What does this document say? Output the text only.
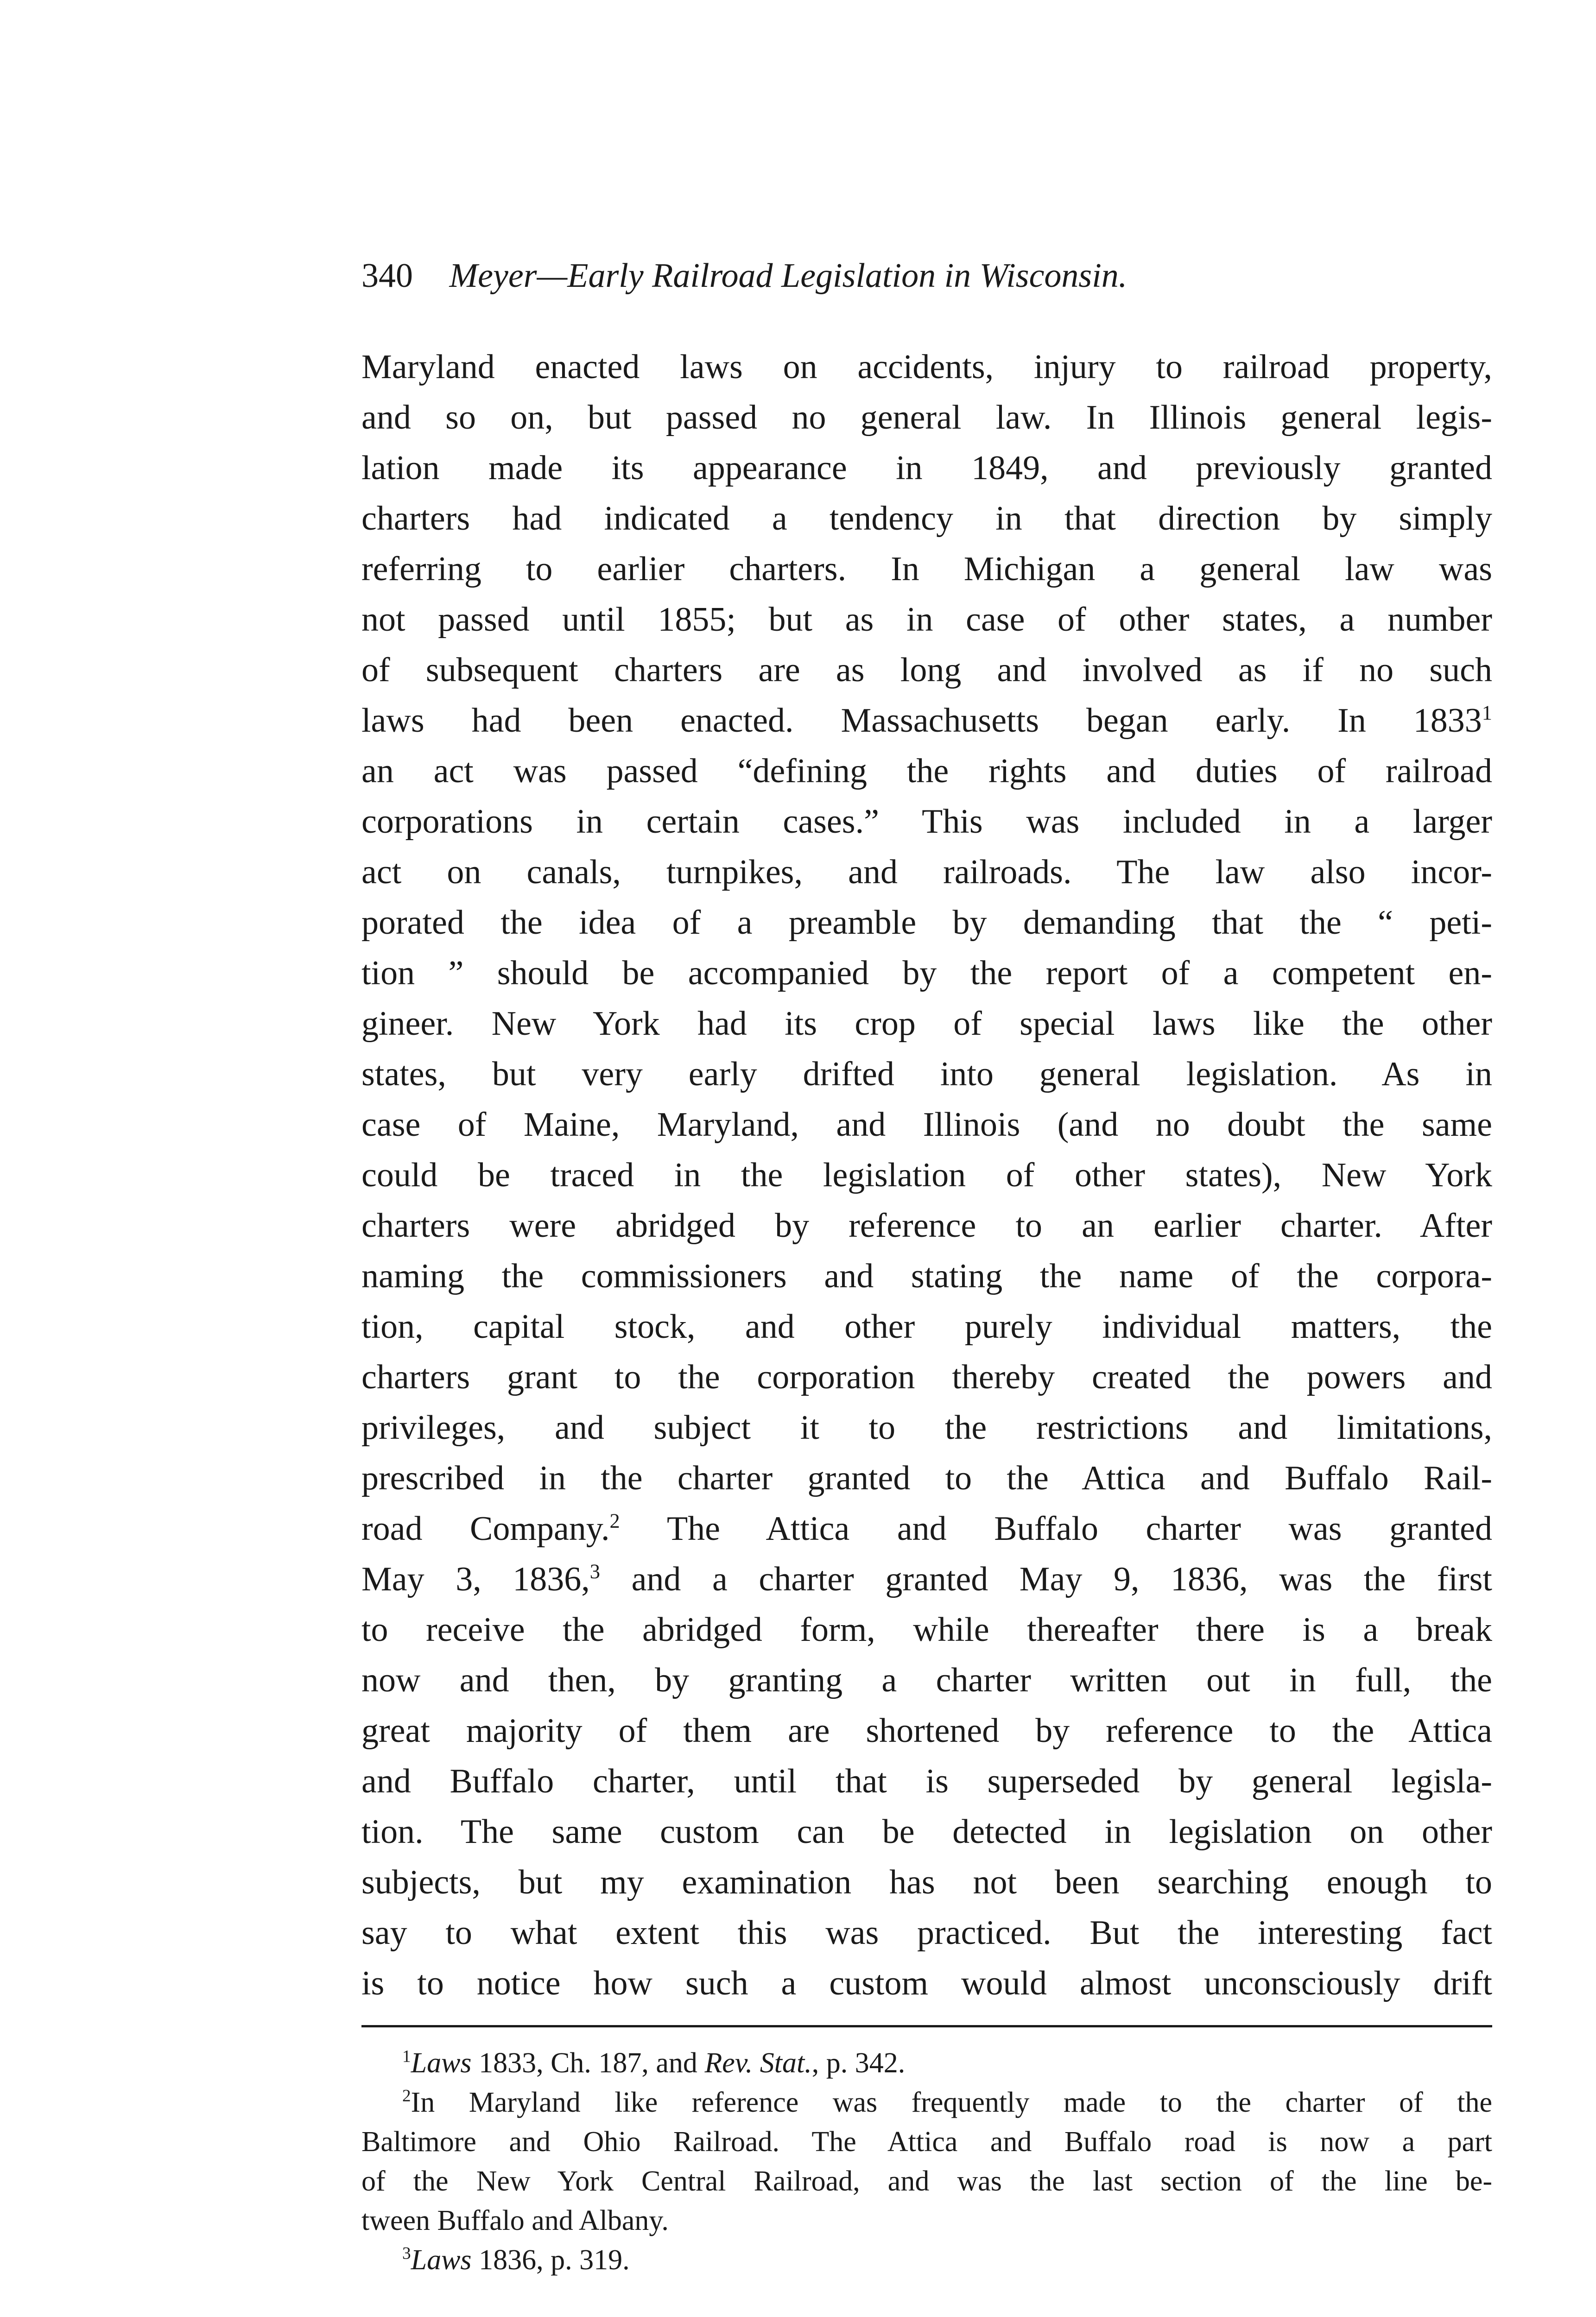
340 Meyer—Early Railroad Legislation in Wisconsin.
Maryland enacted laws on accidents, injury to railroad property,
and so on, but passed no general law. In Illinois general legis-
lation made its appearance in 1849, and previously granted
charters had indicated a tendency in that direction by simply
referring to earlier charters. In Michigan a general law was
not passed until 1855; but as in case of other states, a number
of subsequent charters are as long and involved as if no such
laws had been enacted. Massachusetts began early. In 1833$^1$
an act was passed “defining the rights and duties of railroad
corporations in certain cases.” This was included in a larger
act on canals, turnpikes, and railroads. The law also incor-
porated the idea of a preamble by demanding that the “ peti-
tion ” should be accompanied by the report of a competent en-
gineer. New York had its crop of special laws like the other
states, but very early drifted into general legislation. As in
case of Maine, Maryland, and Illinois (and no doubt the same
could be traced in the legislation of other states), New York
charters were abridged by reference to an earlier charter. After
naming the commissioners and stating the name of the corpora-
tion, capital stock, and other purely individual matters, the
charters grant to the corporation thereby created the powers and
privileges, and subject it to the restrictions and limitations,
prescribed in the charter granted to the Attica and Buffalo Rail-
road Company.$^2$ The Attica and Buffalo charter was granted
May 3, 1836,$^3$ and a charter granted May 9, 1836, was the first
to receive the abridged form, while thereafter there is a break
now and then, by granting a charter written out in full, the
great majority of them are shortened by reference to the Attica
and Buffalo charter, until that is superseded by general legisla-
tion. The same custom can be detected in legislation on other
subjects, but my examination has not been searching enough to
say to what extent this was practiced. But the interesting fact
is to notice how such a custom would almost unconsciously drift
$^1$Laws 1833, Ch. 187, and Rev. Stat., p. 342.
$^2$In Maryland like reference was frequently made to the charter of the
Baltimore and Ohio Railroad. The Attica and Buffalo road is now a part
of the New York Central Railroad, and was the last section of the line be-
tween Buffalo and Albany.
$^3$Laws 1836, p. 319.
